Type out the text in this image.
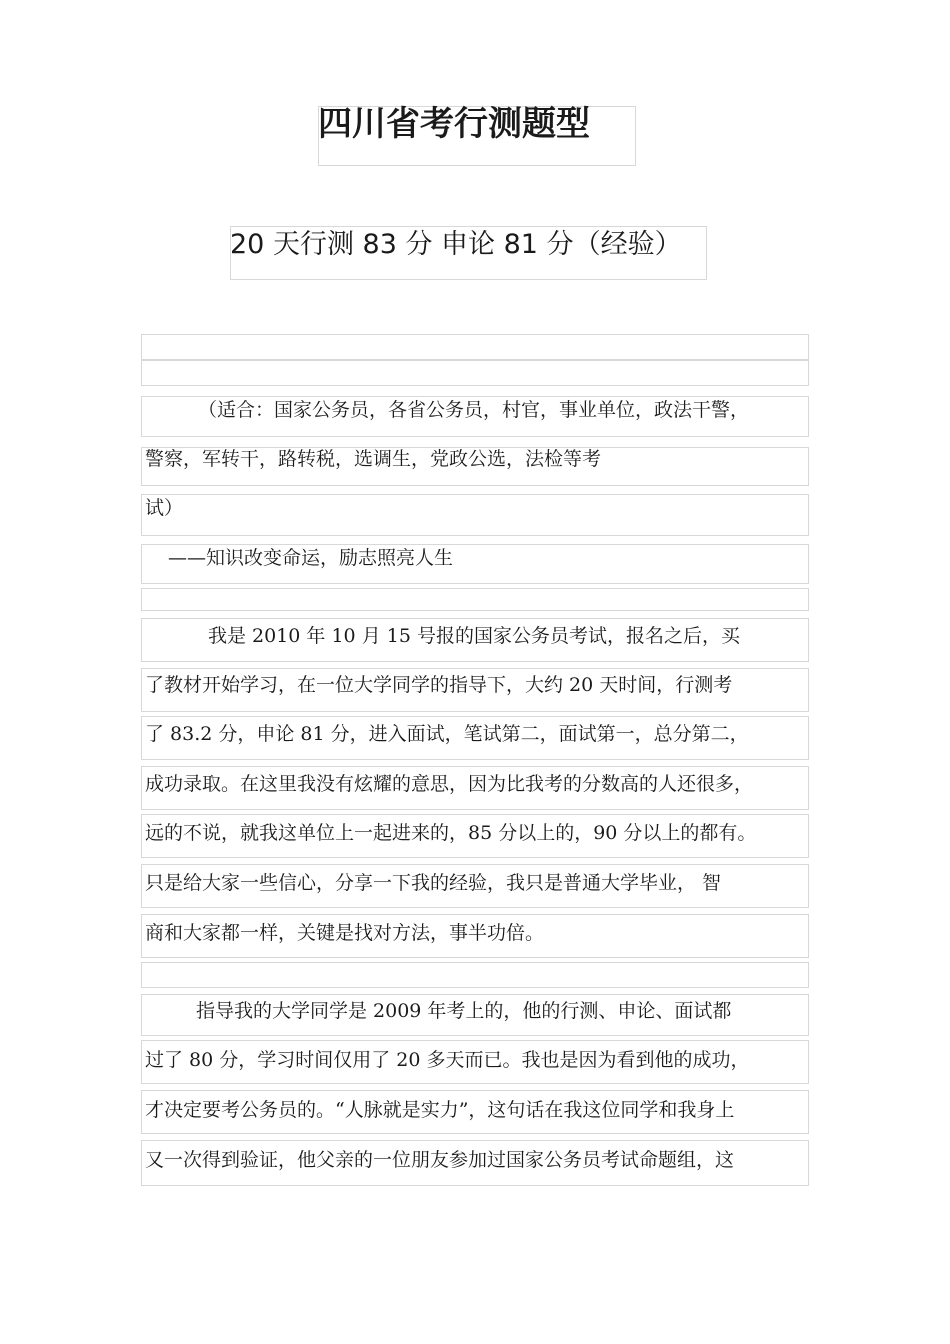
四川省考行测题型
20 天行测 83 分 申论 81 分（经验）
（适合：国家公务员，各省公务员，村官，事业单位，政法干警，
警察，军转干，路转税，选调生，党政公选，法检等考
试）
——知识改变命运，励志照亮人生
我是 2010 年 10 月 15 号报的国家公务员考试，报名之后，买
了教材开始学习，在一位大学同学的指导下，大约 20 天时间，行测考
了 83.2 分，申论 81 分，进入面试，笔试第二，面试第一，总分第二，
成功录取。在这里我没有炫耀的意思，因为比我考的分数高的人还很多，
远的不说，就我这单位上一起进来的，85 分以上的，90 分以上的都有。
只是给大家一些信心，分享一下我的经验，我只是普通大学毕业， 智
商和大家都一样，关键是找对方法，事半功倍。
指导我的大学同学是 2009 年考上的，他的行测、申论、面试都
过了 80 分，学习时间仅用了 20 多天而已。我也是因为看到他的成功，
才决定要考公务员的。“人脉就是实力”，这句话在我这位同学和我身上
又一次得到验证，他父亲的一位朋友参加过国家公务员考试命题组，这
